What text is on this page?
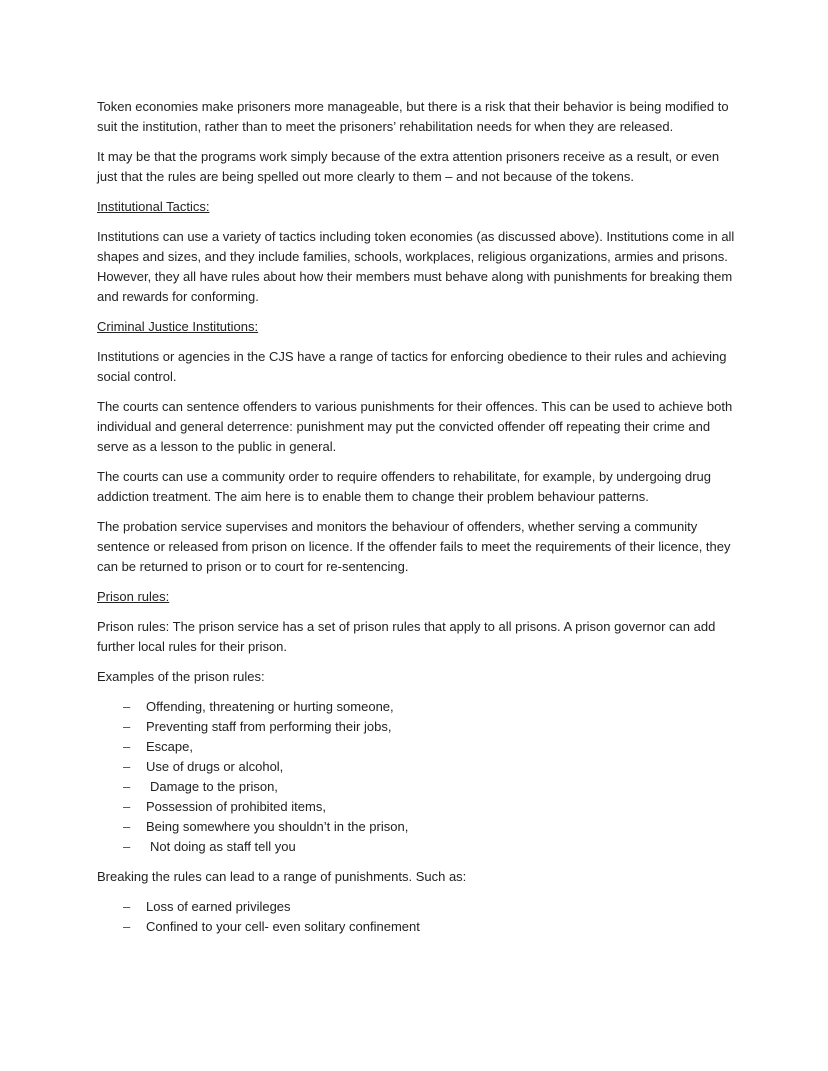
Token economies make prisoners more manageable, but there is a risk that their behavior is being modified to suit the institution, rather than to meet the prisoners’ rehabilitation needs for when they are released.

It may be that the programs work simply because of the extra attention prisoners receive as a result, or even just that the rules are being spelled out more clearly to them – and not because of the tokens.

Institutional Tactics:

Institutions can use a variety of tactics including token economies (as discussed above). Institutions come in all shapes and sizes, and they include families, schools, workplaces, religious organizations, armies and prisons. However, they all have rules about how their members must behave along with punishments for breaking them and rewards for conforming.

Criminal Justice Institutions:

Institutions or agencies in the CJS have a range of tactics for enforcing obedience to their rules and achieving social control.

The courts can sentence offenders to various punishments for their offences. This can be used to achieve both individual and general deterrence: punishment may put the convicted offender off repeating their crime and serve as a lesson to the public in general.

The courts can use a community order to require offenders to rehabilitate, for example, by undergoing drug addiction treatment. The aim here is to enable them to change their problem behaviour patterns.

The probation service supervises and monitors the behaviour of offenders, whether serving a community sentence or released from prison on licence. If the offender fails to meet the requirements of their licence, they can be returned to prison or to court for re-sentencing.

Prison rules:

Prison rules: The prison service has a set of prison rules that apply to all prisons. A prison governor can add further local rules for their prison.

Examples of the prison rules:

– Offending, threatening or hurting someone,
– Preventing staff from performing their jobs,
– Escape,
– Use of drugs or alcohol,
– Damage to the prison,
– Possession of prohibited items,
– Being somewhere you shouldn’t in the prison,
– Not doing as staff tell you

Breaking the rules can lead to a range of punishments. Such as:

– Loss of earned privileges
– Confined to your cell- even solitary confinement
